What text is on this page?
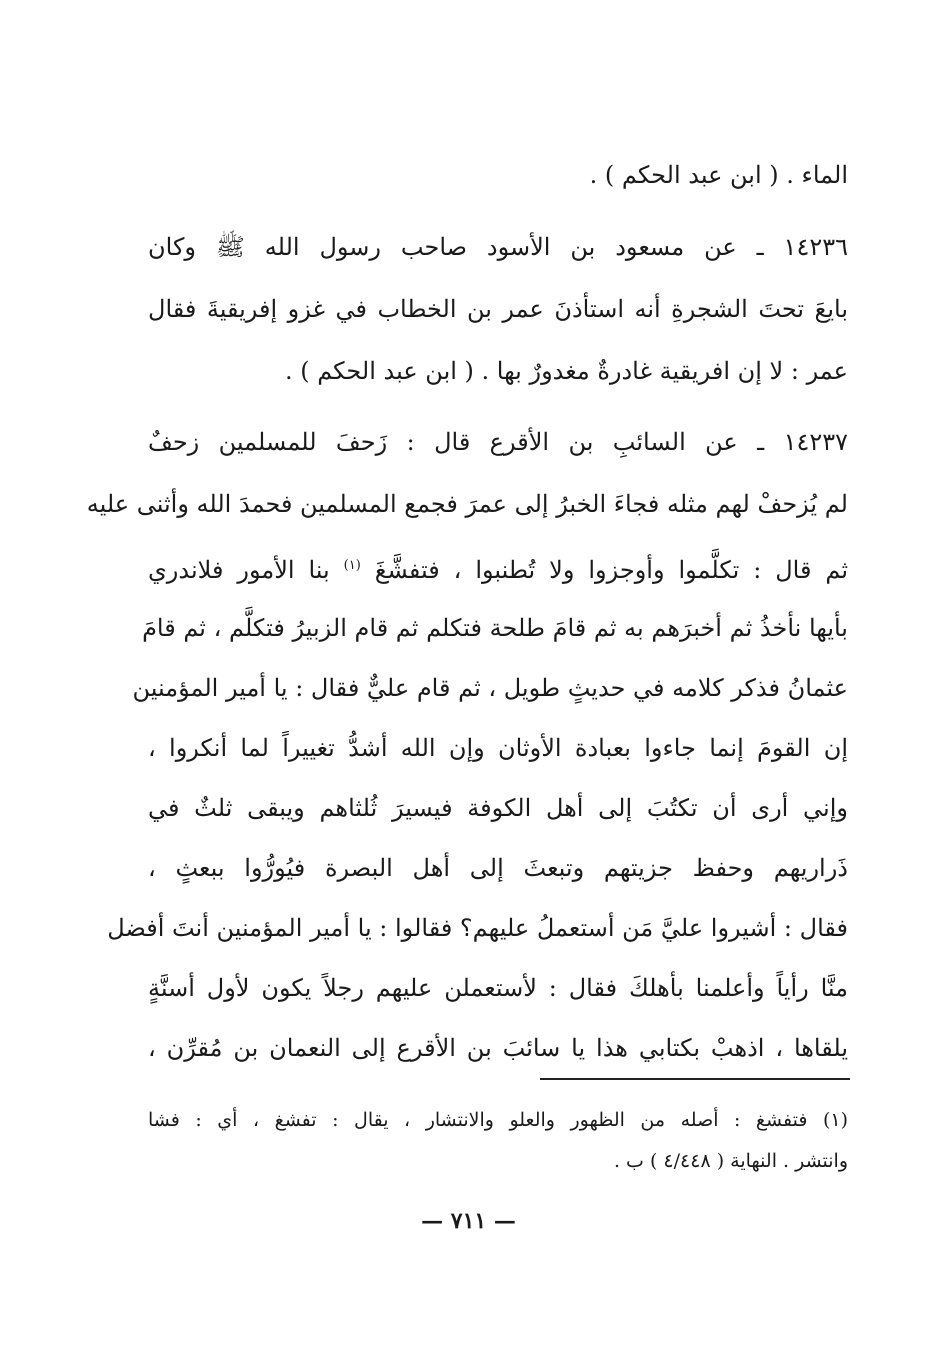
الماء . ( ابن عبد الحكم ) .
١٤٢٣٦ ـ عن مسعود بن الأسود صاحب رسول الله ﷺ وكان
بايعَ تحتَ الشجرةِ أنه استأذنَ عمر بن الخطاب في غزو إفريقيةَ فقال
عمر : لا إن افريقية غادرةٌ مغدورٌ بها . ( ابن عبد الحكم ) .
١٤٢٣٧ ـ عن السائبِ بن الأقرع قال : زَحفَ للمسلمين زحفٌ
لم يُزحفْ لهم مثله فجاءَ الخبرُ إلى عمرَ فجمع المسلمين فحمدَ الله وأثنى عليه
ثم قال : تكلَّموا وأوجزوا ولا تُطنبوا ، فتفشَّغَ $^{(١)}$ بنا الأمور فلاندري
بأيها نأخذُ ثم أخبرَهم به ثم قامَ طلحة فتكلم ثم قام الزبيرُ فتكلَّم ، ثم قامَ
عثمانُ فذكر كلامه في حديثٍ طويل ، ثم قام عليٌّ فقال : يا أمير المؤمنين
إن القومَ إنما جاءوا بعبادة الأوثان وإن الله أشدُّ تغييراً لما أنكروا ،
وإني أرى أن تكتُبَ إلى أهل الكوفة فيسيرَ ثُلثاهم ويبقى ثلثٌ في
ذَراريهم وحفظ جزيتهم وتبعثَ إلى أهل البصرة فيُورُّوا ببعثٍ ،
فقال : أشيروا عليَّ مَن أستعملُ عليهم؟ فقالوا : يا أمير المؤمنين أنتَ أفضل
منَّا رأياً وأعلمنا بأهلكَ فقال : لأستعملن عليهم رجلاً يكون لأول أسنَّةٍ
يلقاها ، اذهبْ بكتابي هذا يا سائبَ بن الأقرع إلى النعمان بن مُقرِّن ،
(١) فتفشغ : أصله من الظهور والعلو والانتشار ، يقال : تفشغ ، أي : فشا
وانتشر . النهاية ( ٤/٤٤٨ ) ب .
— ٧١١ —
